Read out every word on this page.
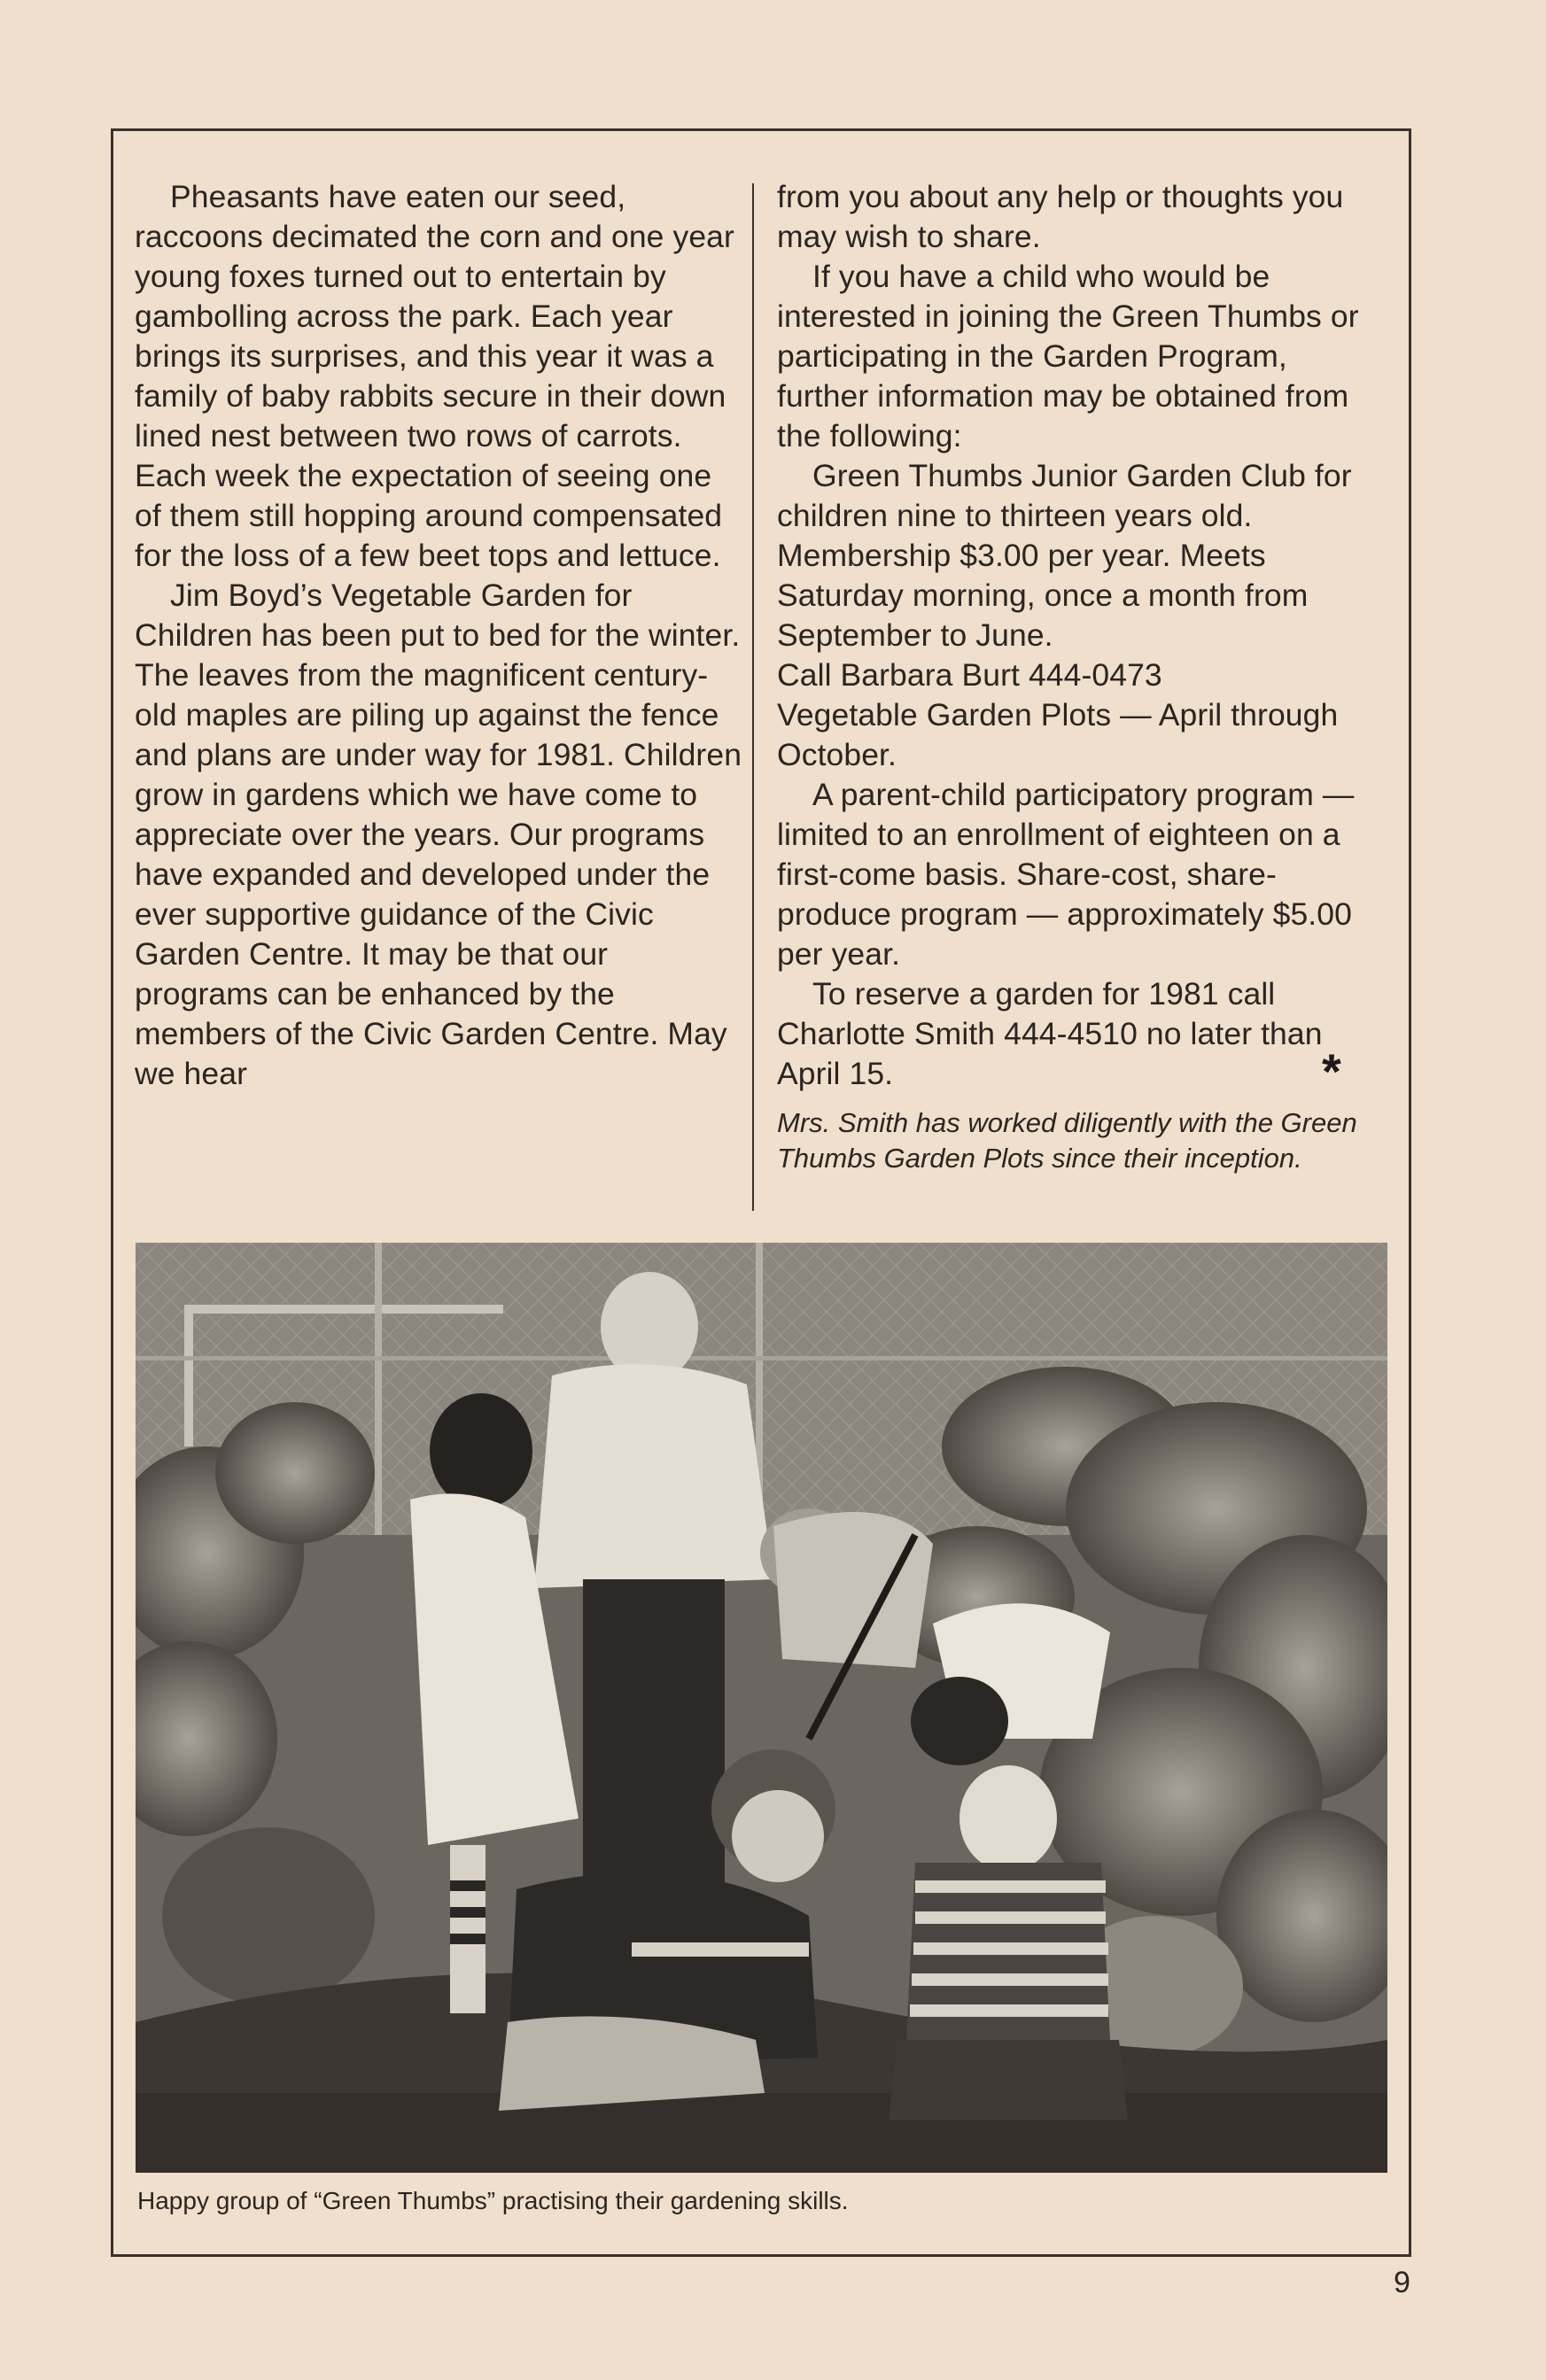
Pheasants have eaten our seed, raccoons decimated the corn and one year young foxes turned out to entertain by gambolling across the park. Each year brings its surprises, and this year it was a family of baby rabbits secure in their down lined nest between two rows of carrots. Each week the expectation of seeing one of them still hopping around compensated for the loss of a few beet tops and lettuce.

Jim Boyd’s Vegetable Garden for Children has been put to bed for the winter. The leaves from the magnificent century-old maples are piling up against the fence and plans are under way for 1981. Children grow in gardens which we have come to appreciate over the years. Our programs have expanded and developed under the ever supportive guidance of the Civic Garden Centre. It may be that our programs can be enhanced by the members of the Civic Garden Centre. May we hear

from you about any help or thoughts you may wish to share.

If you have a child who would be interested in joining the Green Thumbs or participating in the Garden Program, further information may be obtained from the following:

Green Thumbs Junior Garden Club for children nine to thirteen years old. Membership $3.00 per year. Meets Saturday morning, once a month from September to June.

Call Barbara Burt 444-0473

Vegetable Garden Plots — April through October.

A parent-child participatory program — limited to an enrollment of eighteen on a first-come basis. Share-cost, share-produce program — approximately $5.00 per year.

To reserve a garden for 1981 call Charlotte Smith 444-4510 no later than April 15.	*
Mrs. Smith has worked diligently with the Green Thumbs Garden Plots since their inception.
Happy group of “Green Thumbs” practising their gardening skills.
9
